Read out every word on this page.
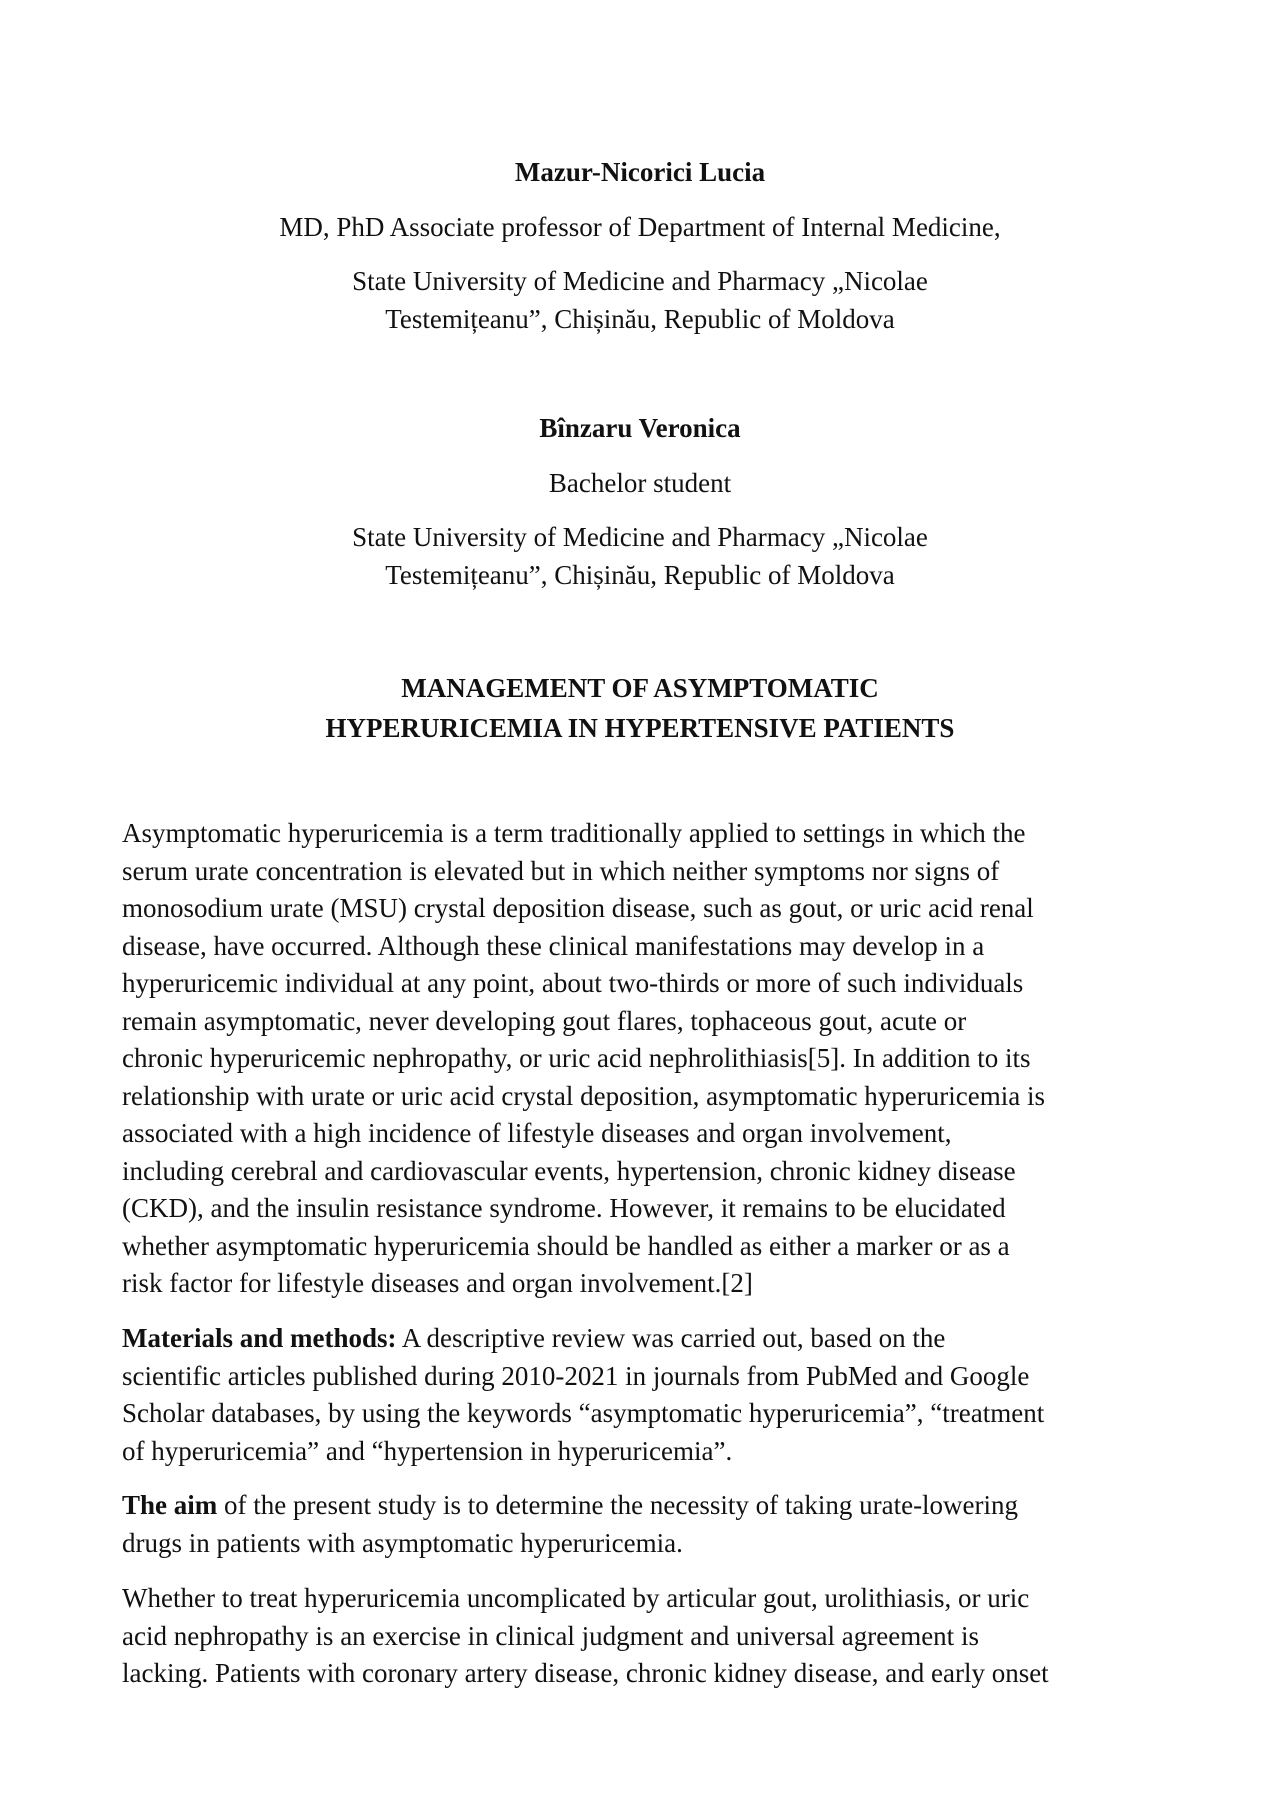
Mazur-Nicorici Lucia

MD, PhD Associate professor of Department of Internal Medicine,

State University of Medicine and Pharmacy „Nicolae
Testemițeanu”, Chișinău, Republic of Moldova

Bînzaru Veronica

Bachelor student

State University of Medicine and Pharmacy „Nicolae
Testemițeanu”, Chișinău, Republic of Moldova

MANAGEMENT OF ASYMPTOMATIC
HYPERURICEMIA IN HYPERTENSIVE PATIENTS

Asymptomatic hyperuricemia is a term traditionally applied to settings in which the
serum urate concentration is elevated but in which neither symptoms nor signs of
monosodium urate (MSU) crystal deposition disease, such as gout, or uric acid renal
disease, have occurred. Although these clinical manifestations may develop in a
hyperuricemic individual at any point, about two-thirds or more of such individuals
remain asymptomatic, never developing gout flares, tophaceous gout, acute or
chronic hyperuricemic nephropathy, or uric acid nephrolithiasis[5]. In addition to its
relationship with urate or uric acid crystal deposition, asymptomatic hyperuricemia is
associated with a high incidence of lifestyle diseases and organ involvement,
including cerebral and cardiovascular events, hypertension, chronic kidney disease
(CKD), and the insulin resistance syndrome. However, it remains to be elucidated
whether asymptomatic hyperuricemia should be handled as either a marker or as a
risk factor for lifestyle diseases and organ involvement.[2]

Materials and methods: A descriptive review was carried out, based on the
scientific articles published during 2010-2021 in journals from PubMed and Google
Scholar databases, by using the keywords “asymptomatic hyperuricemia”, “treatment
of hyperuricemia” and “hypertension in hyperuricemia”.

The aim of the present study is to determine the necessity of taking urate-lowering
drugs in patients with asymptomatic hyperuricemia.

Whether to treat hyperuricemia uncomplicated by articular gout, urolithiasis, or uric
acid nephropathy is an exercise in clinical judgment and universal agreement is
lacking. Patients with coronary artery disease, chronic kidney disease, and early onset
